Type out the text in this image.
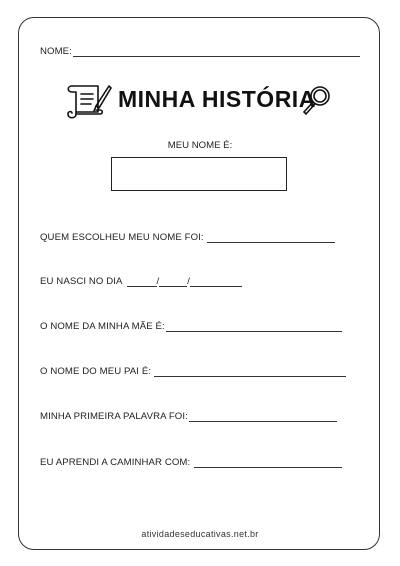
NOME:
MINHA HISTÓRIA
MEU NOME É:
QUEM ESCOLHEU MEU NOME FOI:
EU NASCI NO DIA	/	/
O NOME DA MINHA MÃE É:
O NOME DO MEU PAI É:
MINHA PRIMEIRA PALAVRA FOI:
EU APRENDI A CAMINHAR COM:
atividadeseducativas.net.br
